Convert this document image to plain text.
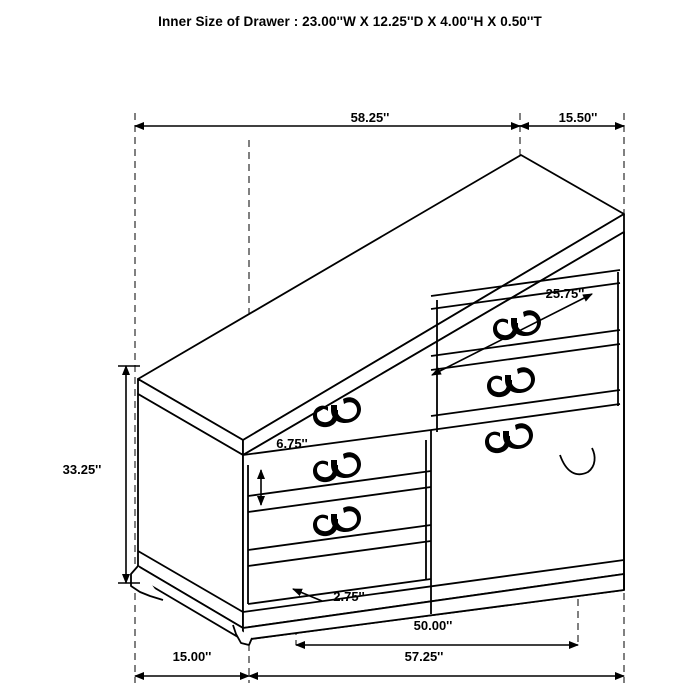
Inner Size of Drawer : 23.00''W X 12.25''D X 4.00''H X 0.50''T
58.25''	15.50''
25.75''
6.75''
33.25''
2.75''
50.00''
15.00''	57.25''
